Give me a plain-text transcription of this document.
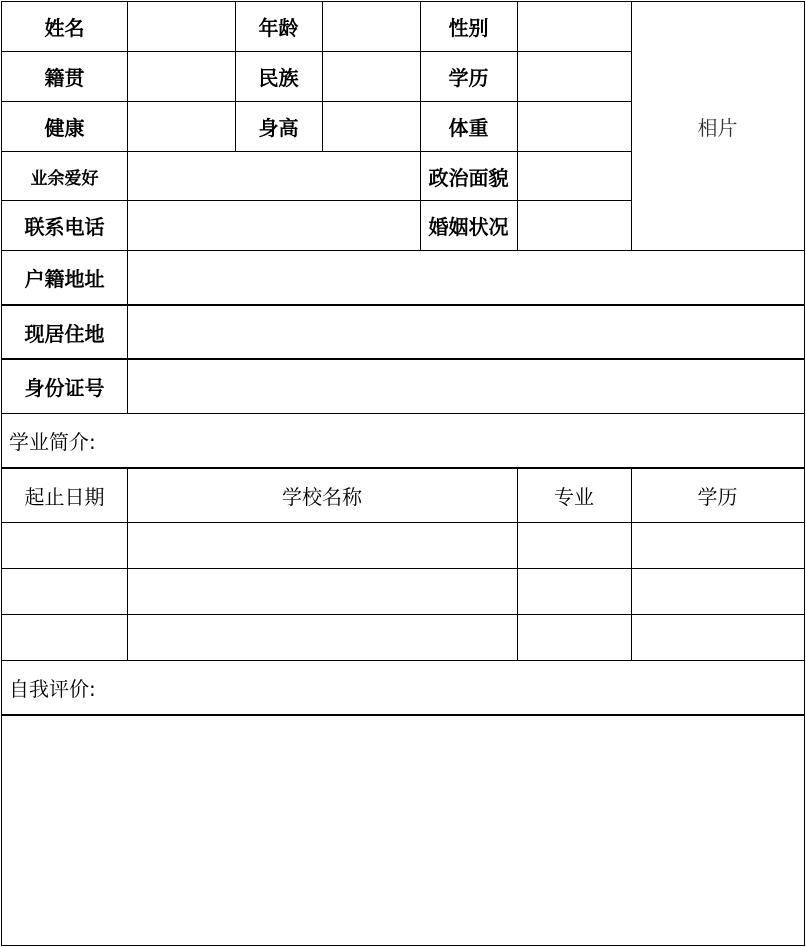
姓名	年龄	性别
籍贯	民族	学历
健康	身高	体重	相片
业余爱好	政治面貌
联系电话	婚姻状况
户籍地址
现居住地
身份证号
学业简介:
起止日期	学校名称	专业	学历
自我评价:
